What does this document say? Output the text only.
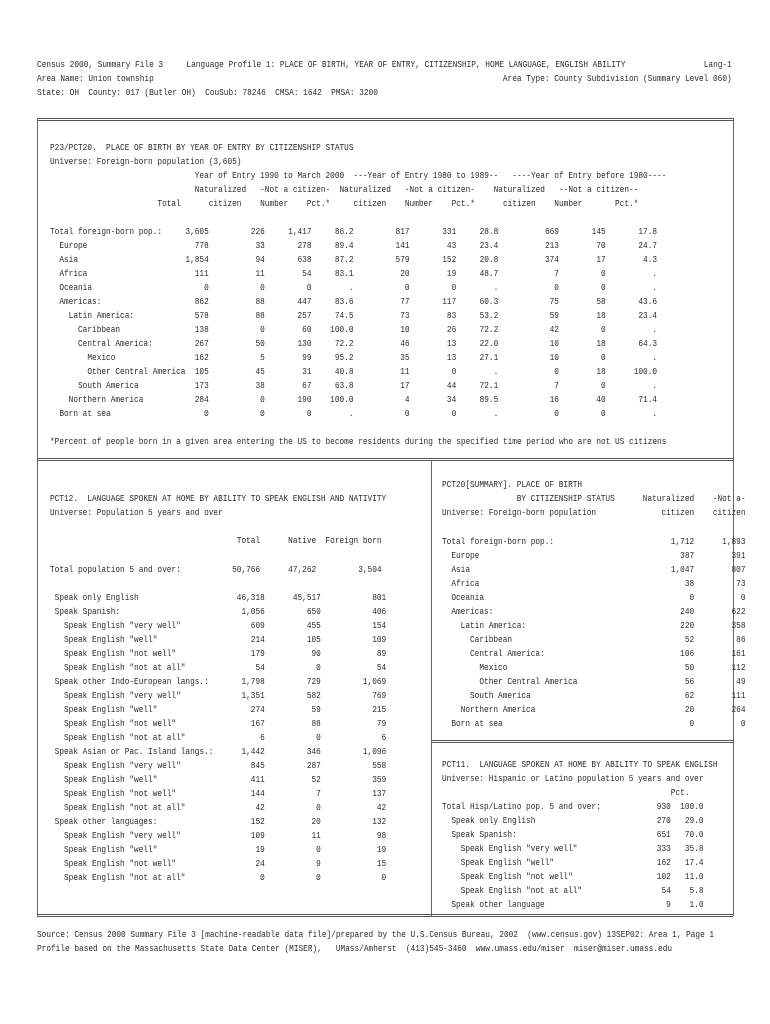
Census 2000, Summary File 3     Language Profile 1: PLACE OF BIRTH, YEAR OF ENTRY, CITIZENSHIP, HOME LANGUAGE, ENGLISH ABILITY	Lang-1
Area Name: Union township	Area Type: County Subdivision (Summary Level 060)
State: OH  County: 017 (Butler OH)  CouSub: 78246  CMSA: 1642  PMSA: 3200
P23/PCT20.  PLACE OF BIRTH BY YEAR OF ENTRY BY CITIZENSHIP STATUS
Universe: Foreign-born population (3,605)
Year of Entry 1990 to March 2000  ---Year of Entry 1980 to 1989--   ----Year of Entry before 1980----
Naturalized   -Not a citizen-  Naturalized   -Not a citizen-    Naturalized   --Not a citizen--
Total      citizen    Number    Pct.*     citizen    Number    Pct.*      citizen    Number       Pct.*
Total foreign-born pop.:     3,605         226     1,417     86.2         817       331     28.8          669       145       17.8
Europe                       778          33       278     89.4         141        43     23.4          213        70       24.7
Asia                       1,854          94       638     87.2         579       152     20.8          374        17        4.3
Africa                       111          11        54     83.1          20        19     48.7            7         0          .
Oceania                        0           0         0        .           0         0        .            0         0          .
Americas:                    862          88       447     83.6          77       117     60.3           75        58       43.6
Latin America:             578          88       257     74.5          73        83     53.2           59        18       23.4
Caribbean                138           0        60    100.0          10        26     72.2           42         0          .
Central America:         267          50       130     72.2          46        13     22.0           10        18       64.3
Mexico                 162           5        99     95.2          35        13     27.1           10         0          .
Other Central America  105          45        31     40.8          11         0        .            0        18      100.0
South America            173          38        67     63.8          17        44     72.1            7         0          .
Northern America           284           0       190    100.0           4        34     89.5           16        40       71.4
Born at sea                    0           0         0        .           0         0        .            0         0          .
*Percent of people born in a given area entering the US to become residents during the specified time period who are not US citizens
PCT12.  LANGUAGE SPOKEN AT HOME BY ABILITY TO SPEAK ENGLISH AND NATIVITY
Universe: Population 5 years and over
Total      Native  Foreign born
Total population 5 and over:           50,766      47,262         3,504
Speak only English                     46,318      45,517           801
Speak Spanish:                          1,056         650           406
Speak English "very well"               609         455           154
Speak English "well"                    214         105           109
Speak English "not well"                179          90            89
Speak English "not at all"               54           0            54
Speak other Indo-European langs.:       1,798         729         1,069
Speak English "very well"             1,351         582           769
Speak English "well"                    274          59           215
Speak English "not well"                167          88            79
Speak English "not at all"                6           0             6
Speak Asian or Pac. Island langs.:      1,442         346         1,096
Speak English "very well"               845         287           558
Speak English "well"                    411          52           359
Speak English "not well"                144           7           137
Speak English "not at all"               42           0            42
Speak other languages:                    152          20           132
Speak English "very well"               109          11            98
Speak English "well"                     19           0            19
Speak English "not well"                 24           9            15
Speak English "not at all"                0           0             0
PCT20[SUMMARY]. PLACE OF BIRTH
BY CITIZENSHIP STATUS      Naturalized    -Not a-
Universe: Foreign-born population              citizen    citizen
Total foreign-born pop.:                         1,712      1,893
Europe                                           387        391
Asia                                           1,047        807
Africa                                            38         73
Oceania                                            0          0
Americas:                                        240        622
Latin America:                                 220        358
Caribbean                                     52         86
Central America:                             106        161
Mexico                                      50        112
Other Central America                       56         49
South America                                 62        111
Northern America                                20        264
Born at sea                                        0          0
PCT11.  LANGUAGE SPOKEN AT HOME BY ABILITY TO SPEAK ENGLISH
Universe: Hispanic or Latino population 5 years and over
Pct.
Total Hisp/Latino pop. 5 and over:            930  100.0
Speak only English                          270   29.0
Speak Spanish:                              651   70.0
Speak English "very well"                 333   35.8
Speak English "well"                      162   17.4
Speak English "not well"                  102   11.0
Speak English "not at all"                 54    5.8
Speak other language                          9    1.0
Source: Census 2000 Summary File 3 [machine-readable data file]/prepared by the U.S.Census Bureau, 2002  (www.census.gov) 13SEP02: Area 1, Page 1
Profile based on the Massachusetts State Data Center (MISER),   UMass/Amherst  (413)545-3460  www.umass.edu/miser  miser@miser.umass.edu
